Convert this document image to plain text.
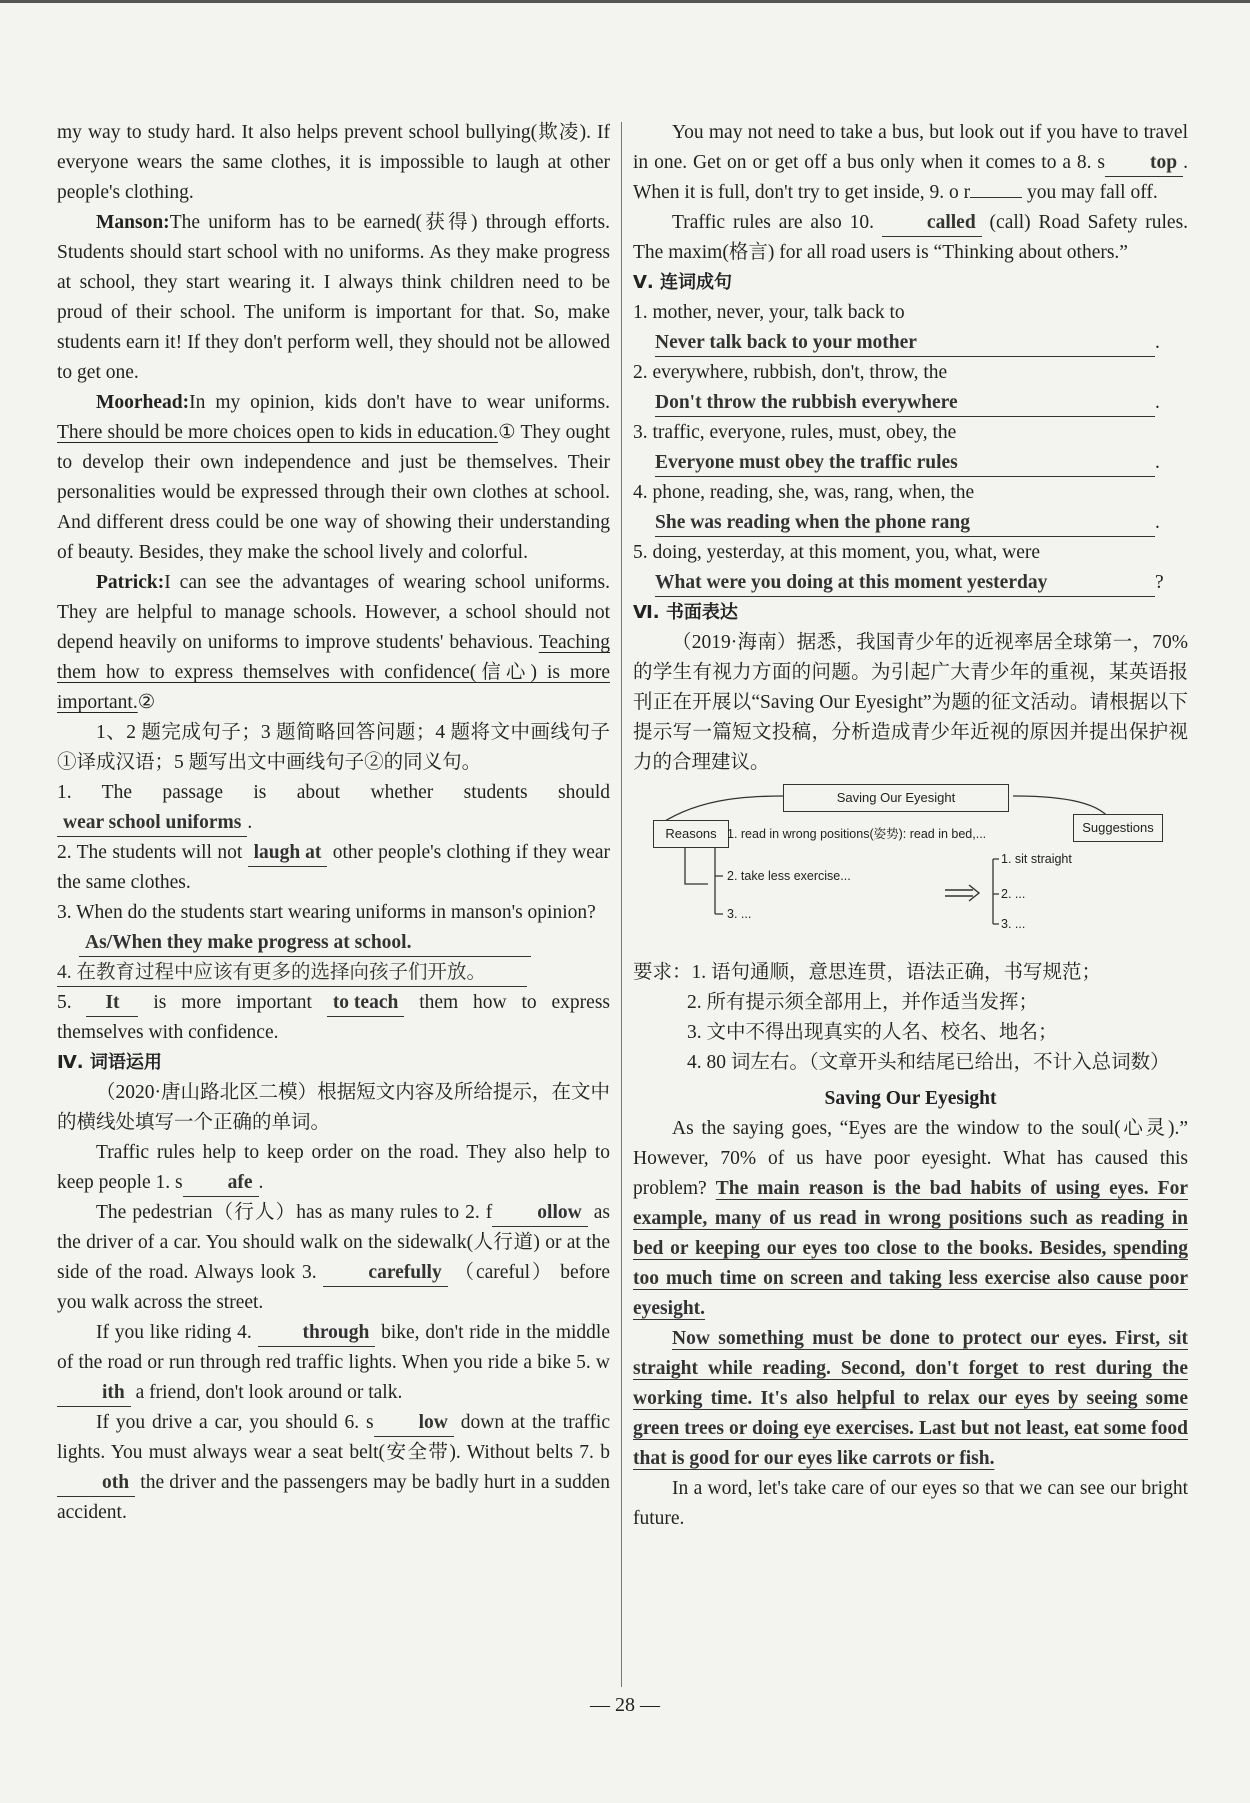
my way to study hard. It also helps prevent school bullying(欺凌). If everyone wears the same clothes, it is impossible to laugh at other people's clothing.

Manson:The uniform has to be earned(获得) through efforts. Students should start school with no uniforms. As they make progress at school, they start wearing it. I always think children need to be proud of their school. The uniform is important for that. So, make students earn it! If they don't perform well, they should not be allowed to get one.

Moorhead:In my opinion, kids don't have to wear uniforms. There should be more choices open to kids in education.① They ought to develop their own independence and just be themselves. Their personalities would be expressed through their own clothes at school. And different dress could be one way of showing their understanding of beauty. Besides, they make the school lively and colorful.

Patrick:I can see the advantages of wearing school uniforms. They are helpful to manage schools. However, a school should not depend heavily on uniforms to improve students' behavious. Teaching them how to express themselves with confidence(信心) is more important.②

1、2 题完成句子；3 题简略回答问题；4 题将文中画线句子①译成汉语；5 题写出文中画线句子②的同义句。

1. The passage is about whether students should wear school uniforms .

2. The students will not laugh at other people's clothing if they wear the same clothes.

3. When do the students start wearing uniforms in manson's opinion?

As/When they make progress at school.

4. 在教育过程中应该有更多的选择向孩子们开放。

5. It is more important to teach them how to express themselves with confidence.

Ⅳ. 词语运用

（2020·唐山路北区二模）根据短文内容及所给提示，在文中的横线处填写一个正确的单词。

Traffic rules help to keep order on the road. They also help to keep people 1. s afe .

The pedestrian（行人）has as many rules to 2. f ollow as the driver of a car. You should walk on the sidewalk(人行道) or at the side of the road. Always look 3.	carefully （careful） before you walk across the street.

If you like riding 4.	through bike, don't ride in the middle of the road or run through red traffic lights. When you ride a bike 5. with a friend, don't look around or talk.

If you drive a car, you should 6. s low down at the traffic lights. You must always wear a seat belt(安全带). Without belts 7. both the driver and the passengers may be badly hurt in a sudden accident.

You may not need to take a bus, but look out if you have to travel in one. Get on or get off a bus only when it comes to a 8. s top . When it is full, don't try to get inside, 9. o r	you may fall off.

Traffic rules are also 10.	called (call) Road Safety rules. The maxim(格言) for all road users is “Thinking about others.”

Ⅴ. 连词成句

1. mother, never, your, talk back to

Never talk back to your mother	.

2. everywhere, rubbish, don't, throw, the

Don't throw the rubbish everywhere	.

3. traffic, everyone, rules, must, obey, the

Everyone must obey the traffic rules	.

4. phone, reading, she, was, rang, when, the

She was reading when the phone rang	.

5. doing, yesterday, at this moment, you, what, were

What were you doing at this moment yesterday	?

Ⅵ. 书面表达

（2019·海南）据悉，我国青少年的近视率居全球第一，70%的学生有视力方面的问题。为引起广大青少年的重视，某英语报刊正在开展以“Saving Our Eyesight”为题的征文活动。请根据以下提示写一篇短文投稿，分析造成青少年近视的原因并提出保护视力的合理建议。

Saving Our Eyesight
Reasons	Suggestions
1. read in wrong positions(姿势): read in bed,...
2. take less exercise...
3. ...
1. sit straight
2. ...
3. ...

要求：1. 语句通顺，意思连贯，语法正确，书写规范；

2. 所有提示须全部用上，并作适当发挥；

3. 文中不得出现真实的人名、校名、地名；

4. 80 词左右。（文章开头和结尾已给出，不计入总词数）

Saving Our Eyesight

As the saying goes, “Eyes are the window to the soul(心灵).” However, 70% of us have poor eyesight. What has caused this problem? The main reason is the bad habits of using eyes. For example, many of us read in wrong positions such as reading in bed or keeping our eyes too close to the books. Besides, spending too much time on screen and taking less exercise also cause poor eyesight.

Now something must be done to protect our eyes. First, sit straight while reading. Second, don't forget to rest during the working time. It's also helpful to relax our eyes by seeing some green trees or doing eye exercises. Last but not least, eat some food that is good for our eyes like carrots or fish.

In a word, let's take care of our eyes so that we can see our bright future.

— 28 —
